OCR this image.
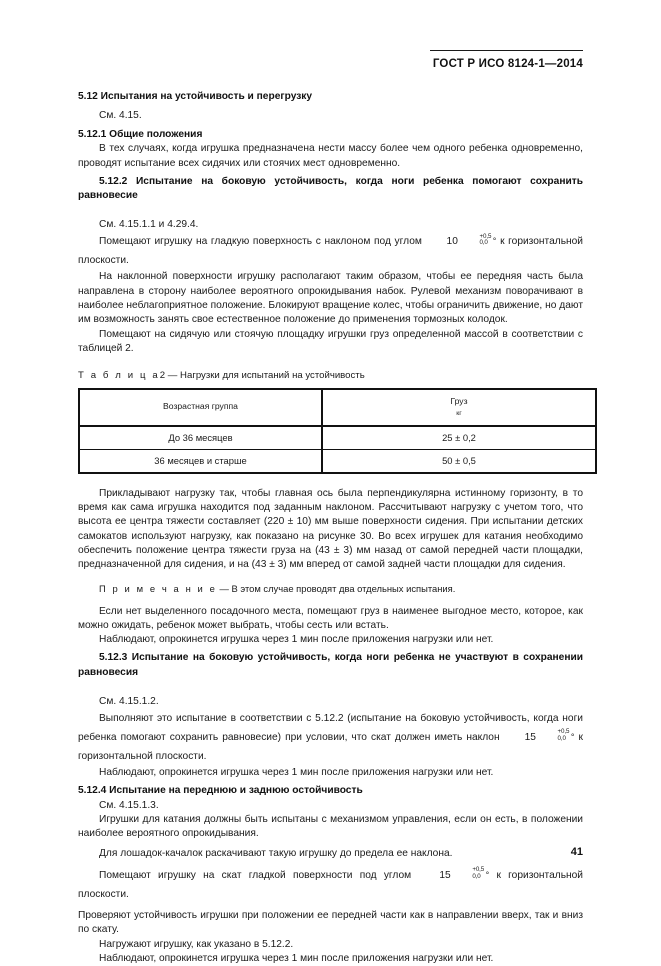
ГОСТ Р ИСО 8124-1—2014
5.12 Испытания на устойчивость и перегрузку

См. 4.15.

5.12.1 Общие положения

В тех случаях, когда игрушка предназначена нести массу более чем одного ребенка одновременно, проводят испытание всех сидячих или стоячих мест одновременно.

5.12.2 Испытание на боковую устойчивость, когда ноги ребенка помогают сохранить равновесие

См. 4.15.1.1 и 4.29.4.

Помещают игрушку на гладкую поверхность с наклоном под углом 10
+0,5
0,0 ° к горизонтальной плоскости.

На наклонной поверхности игрушку располагают таким образом, чтобы ее передняя часть была направлена в сторону наиболее вероятного опрокидывания набок. Рулевой механизм поворачивают в наиболее неблагоприятное положение. Блокируют вращение колес, чтобы ограничить движение, но дают им возможность занять свое естественное положение до применения тормозных колодок.

Помещают на сидячую или стоячую площадку игрушки груз определенной массой в соответствии с таблицей 2.

Т а б л и ц а2 — Нагрузки для испытаний на устойчивость

Возрастная группа	Груз
кг

До 36 месяцев	25 ± 0,2
36 месяцев и старше	50 ± 0,5

Прикладывают нагрузку так, чтобы главная ось была перпендикулярна истинному горизонту, в то время как сама игрушка находится под заданным наклоном. Рассчитывают нагрузку с учетом того, что высота ее центра тяжести составляет (220 ± 10) мм выше поверхности сидения. При испытании детских самокатов используют нагрузку, как показано на рисунке 30. Во всех игрушек для катания необходимо обеспечить положение центра тяжести груза на (43 ± 3) мм назад от самой передней части площадки, предназначенной для сидения, и на (43 ± 3) мм вперед от самой задней части площадки для сидения.

П р и м е ч а н и е — В этом случае проводят два отдельных испытания.

Если нет выделенного посадочного места, помещают груз в наименее выгодное место, которое, как можно ожидать, ребенок может выбрать, чтобы сесть или встать.

Наблюдают, опрокинется игрушка через 1 мин после приложения нагрузки или нет.

5.12.3 Испытание на боковую устойчивость, когда ноги ребенка не участвуют в сохранении равновесия

См. 4.15.1.2.

Выполняют это испытание в соответствии с 5.12.2 (испытание на боковую устойчивость, когда ноги ребенка помогают сохранить равновесие) при условии, что скат должен иметь наклон 15
+0,5
0,0 ° к горизонтальной плоскости.

Наблюдают, опрокинется игрушка через 1 мин после приложения нагрузки или нет.

5.12.4 Испытание на переднюю и заднюю остойчивость

См. 4.15.1.3.

Игрушки для катания должны быть испытаны с механизмом управления, если он есть, в положении наиболее вероятного опрокидывания.

Для лошадок-качалок раскачивают такую игрушку до предела ее наклона.

Помещают игрушку на скат гладкой поверхности под углом	15
+0,5
0,0 ° к горизонтальной плоскости.

Проверяют устойчивость игрушки при положении ее передней части как в направлении вверх, так и вниз по скату.

Нагружают игрушку, как указано в 5.12.2.

Наблюдают, опрокинется игрушка через 1 мин после приложения нагрузки или нет.

41
